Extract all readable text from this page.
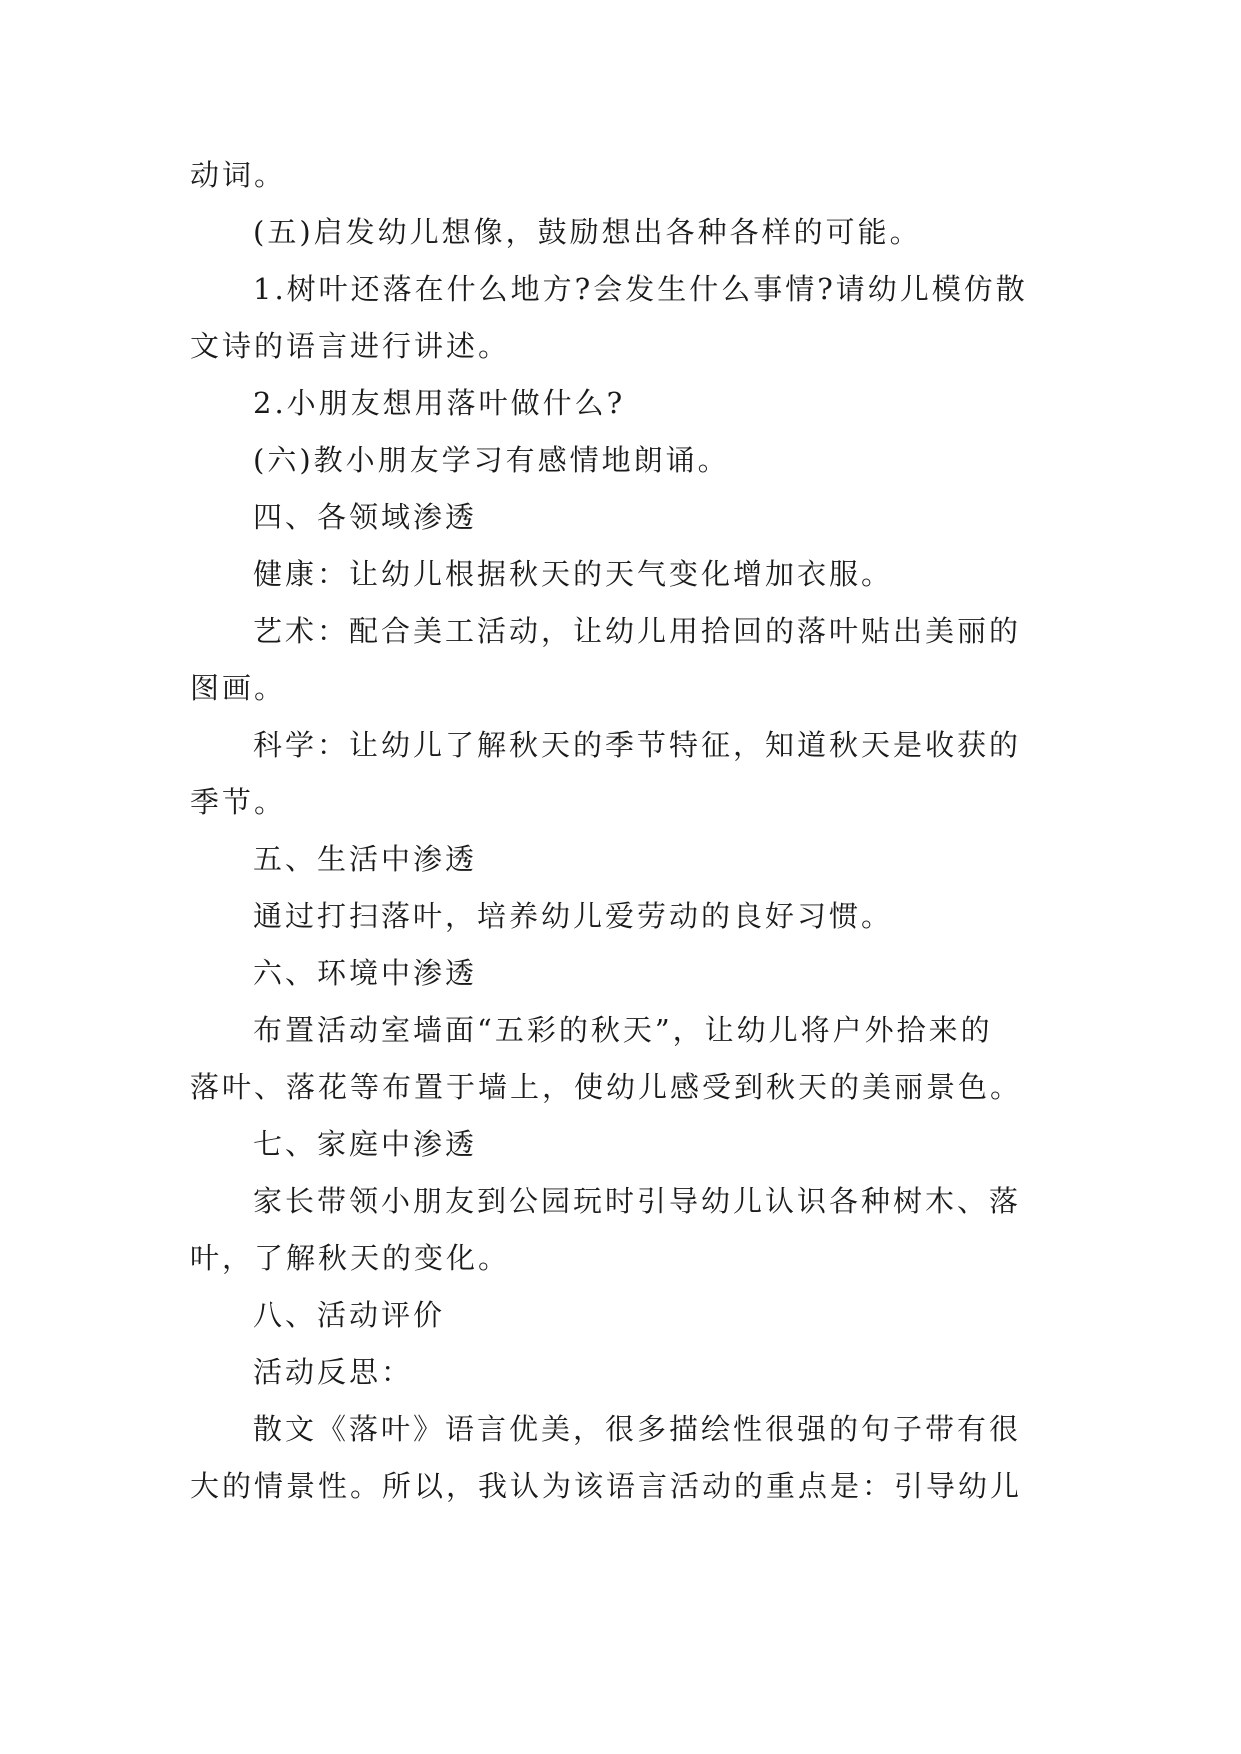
动词。
(五)启发幼儿想像，鼓励想出各种各样的可能。
1.树叶还落在什么地方?会发生什么事情?请幼儿模仿散
文诗的语言进行讲述。
2.小朋友想用落叶做什么?
(六)教小朋友学习有感情地朗诵。
四、各领域渗透
健康：让幼儿根据秋天的天气变化增加衣服。
艺术：配合美工活动，让幼儿用拾回的落叶贴出美丽的
图画。
科学：让幼儿了解秋天的季节特征，知道秋天是收获的
季节。
五、生活中渗透
通过打扫落叶，培养幼儿爱劳动的良好习惯。
六、环境中渗透
布置活动室墙面“五彩的秋天”，让幼儿将户外拾来的
落叶、落花等布置于墙上，使幼儿感受到秋天的美丽景色。
七、家庭中渗透
家长带领小朋友到公园玩时引导幼儿认识各种树木、落
叶，了解秋天的变化。
八、活动评价
活动反思：
散文《落叶》语言优美，很多描绘性很强的句子带有很
大的情景性。所以，我认为该语言活动的重点是：引导幼儿
